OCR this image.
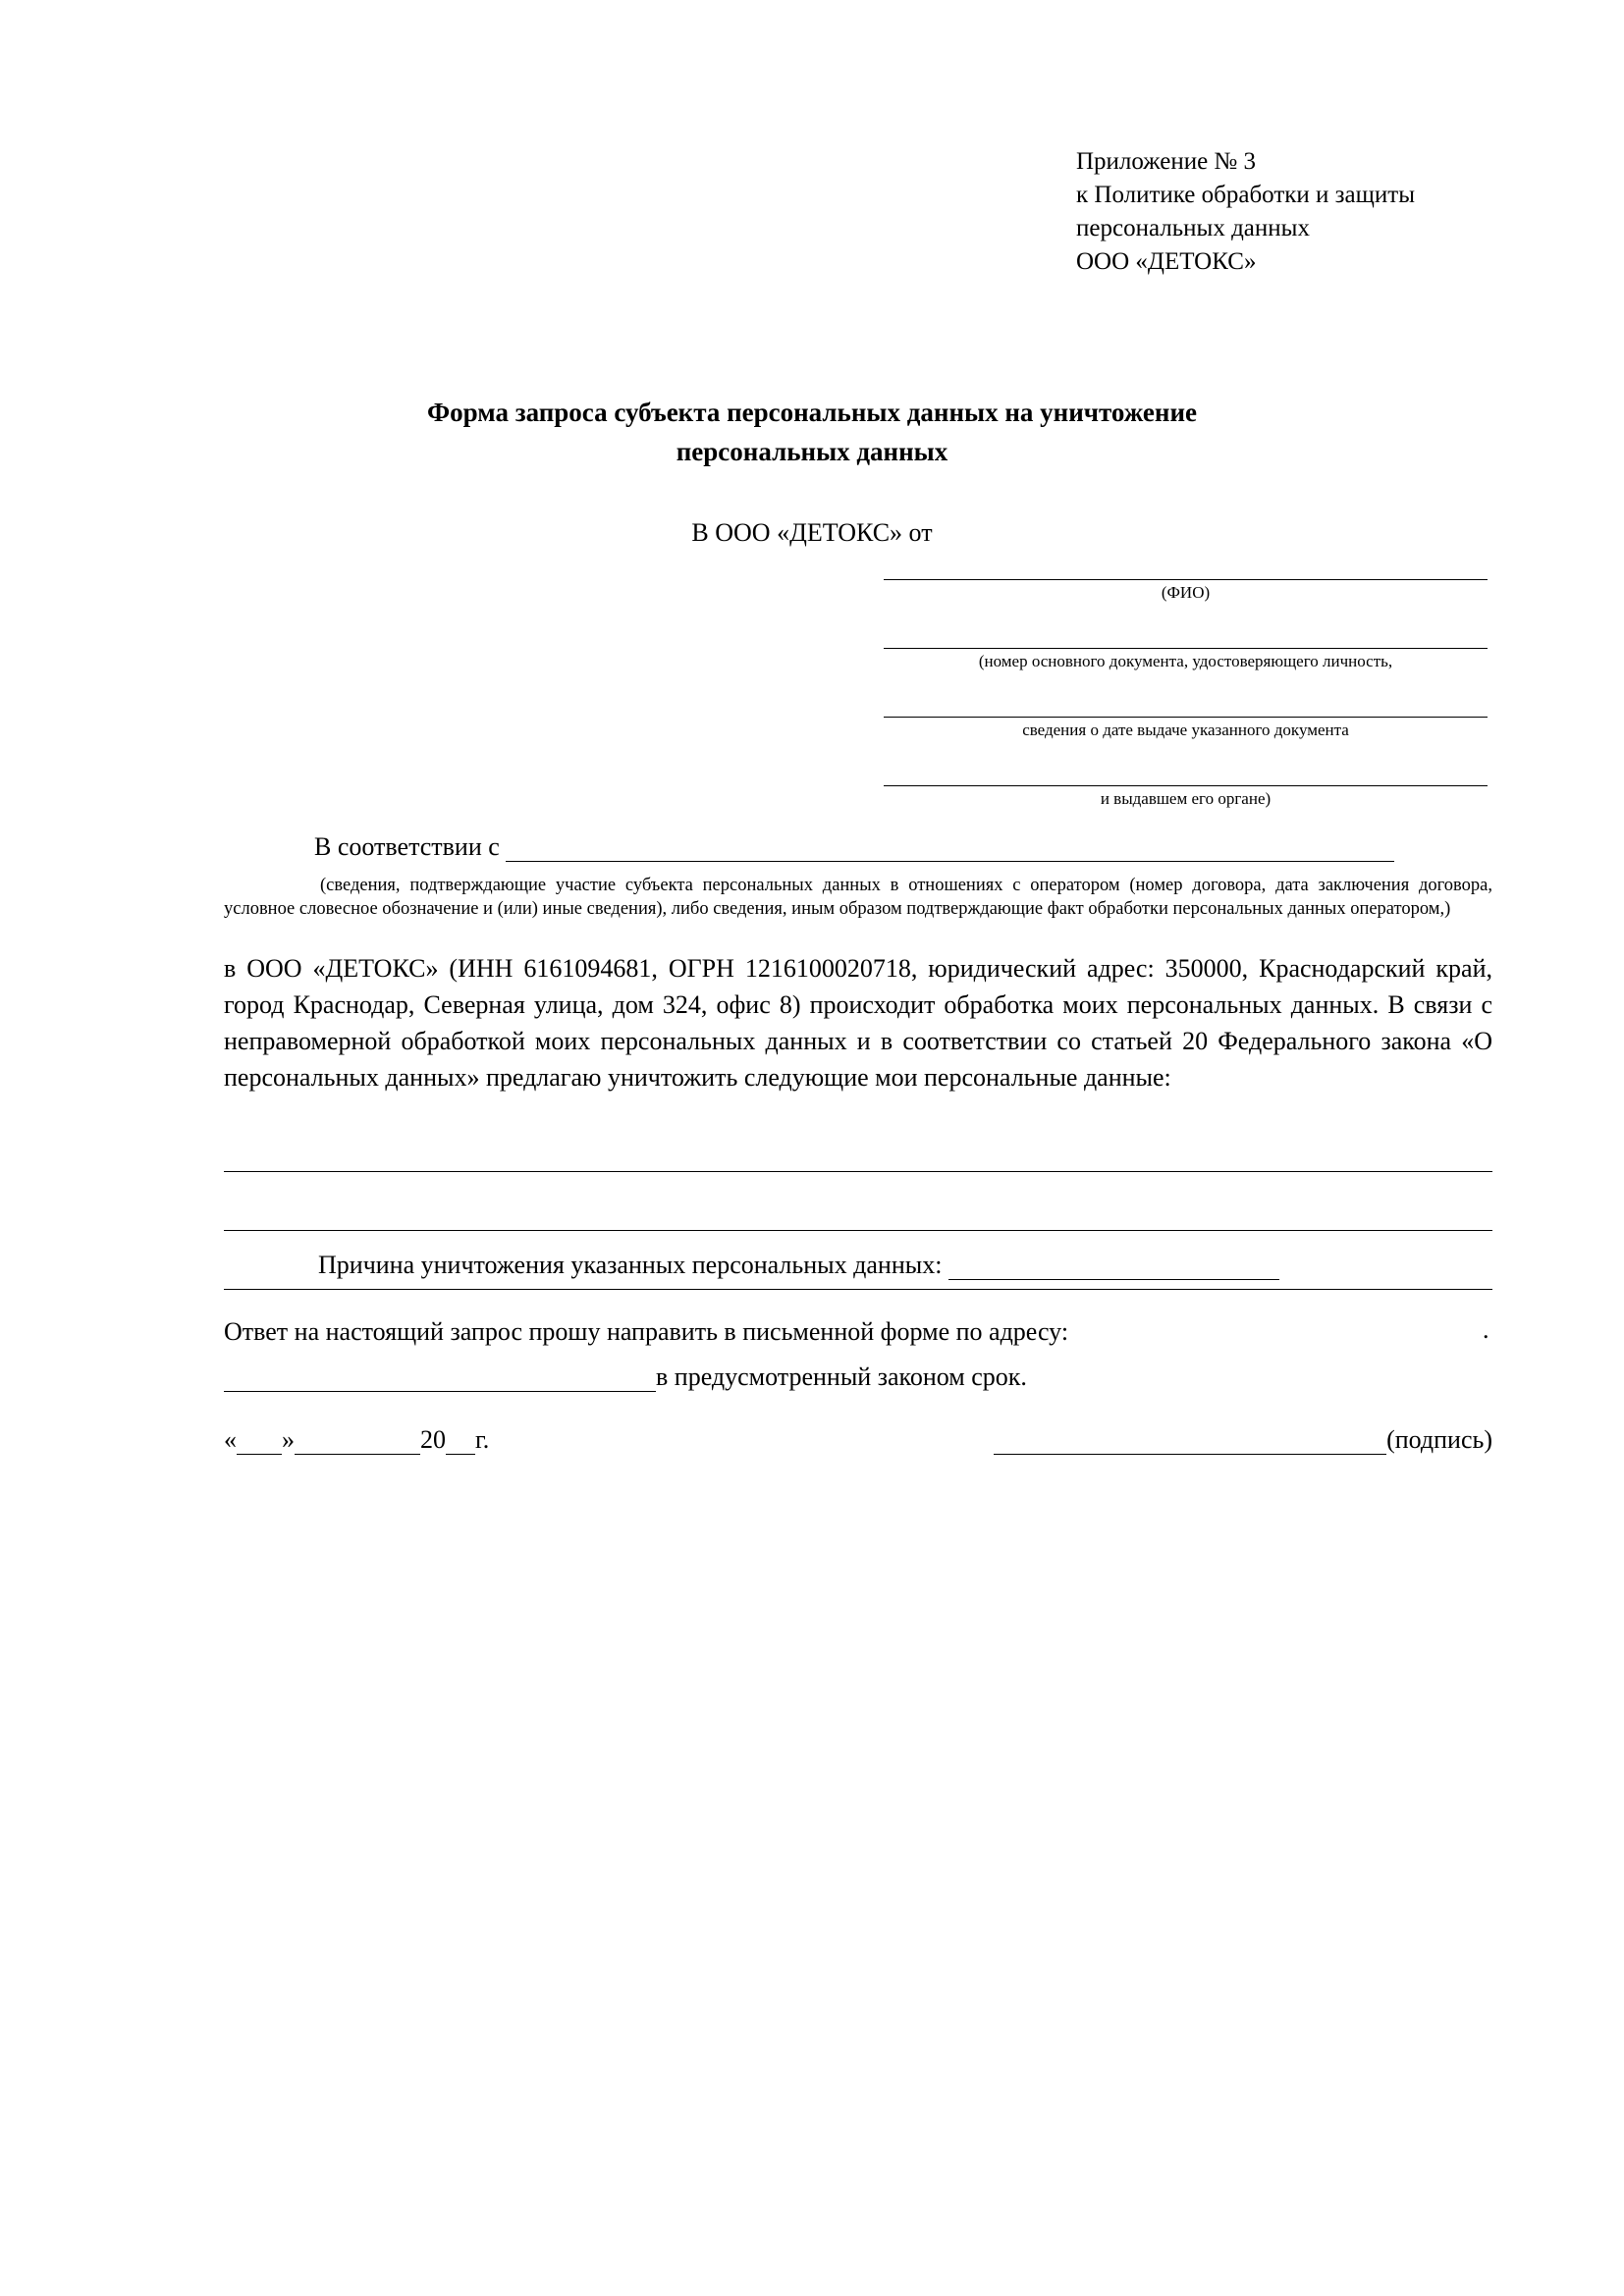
Приложение № 3
к Политике обработки и защиты
персональных данных
ООО «ДЕТОКС»
Форма запроса субъекта персональных данных на уничтожение
персональных данных
В ООО «ДЕТОКС» от
(ФИО)
(номер основного документа, удостоверяющего личность,
сведения о дате выдаче указанного документа
и выдавшем его органе)
В соответствии с
(сведения, подтверждающие участие субъекта персональных данных в отношениях с оператором (номер договора, дата заключения договора, условное словесное обозначение и (или) иные сведения), либо сведения, иным образом подтверждающие факт обработки персональных данных оператором,)
в ООО «ДЕТОКС» (ИНН 6161094681, ОГРН 1216100020718, юридический адрес: 350000, Краснодарский край, город Краснодар, Северная улица, дом 324, офис 8) происходит обработка моих персональных данных. В связи с неправомерной обработкой моих персональных данных и в соответствии со статьей 20 Федерального закона «О персональных данных» предлагаю уничтожить следующие мои персональные данные:
Причина уничтожения указанных персональных данных:
.
Ответ на настоящий запрос прошу направить в письменной форме по адресу:
в предусмотренный законом срок.
« »	20 г.	(подпись)
